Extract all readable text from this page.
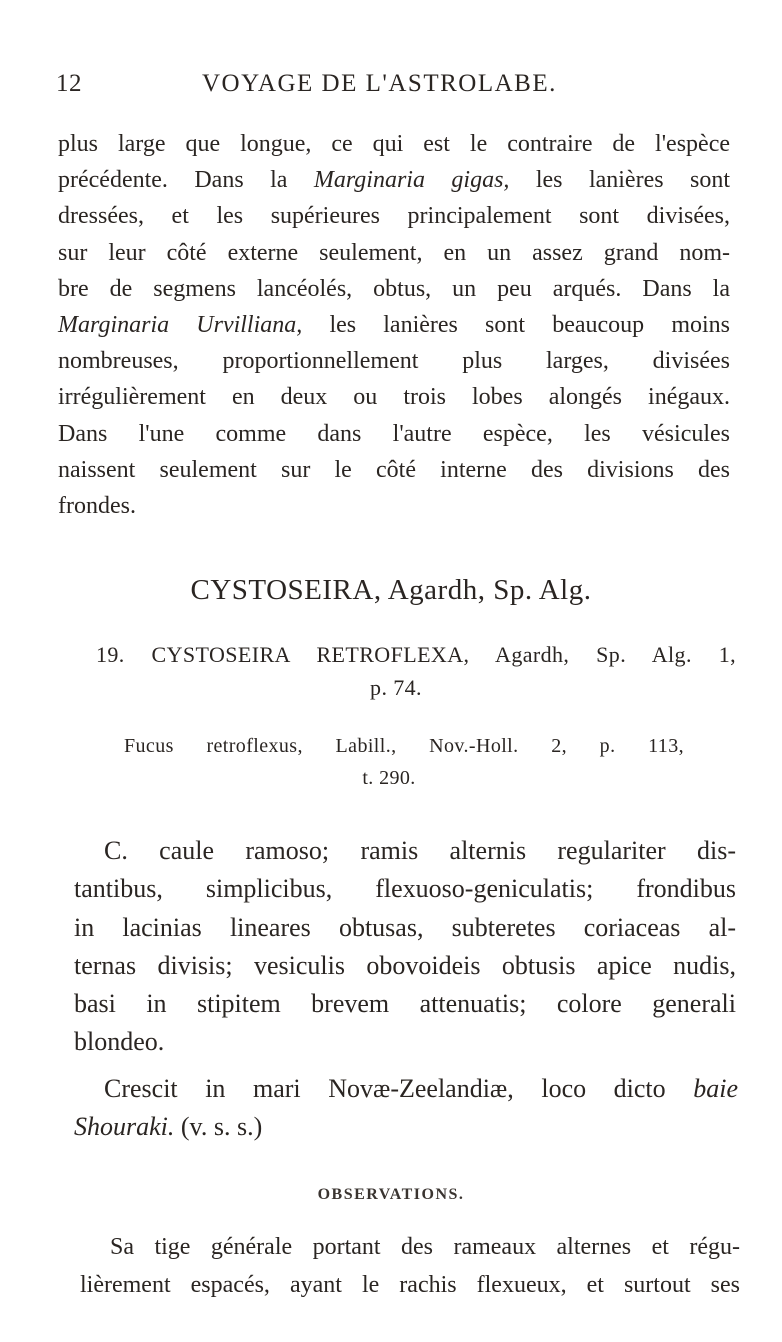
12	VOYAGE DE L'ASTROLABE.
plus large que longue, ce qui est le contraire de l'espèce
précédente. Dans la Marginaria gigas, les lanières sont
dressées, et les supérieures principalement sont divisées,
sur leur côté externe seulement, en un assez grand nom-
bre de segmens lancéolés, obtus, un peu arqués. Dans la
Marginaria Urvilliana, les lanières sont beaucoup moins
nombreuses, proportionnellement plus larges, divisées
irrégulièrement en deux ou trois lobes alongés inégaux.
Dans l'une comme dans l'autre espèce, les vésicules
naissent seulement sur le côté interne des divisions des
frondes.
CYSTOSEIRA, Agardh, Sp. Alg.
19. CYSTOSEIRA RETROFLEXA, Agardh, Sp. Alg. 1,
p. 74.
Fucus retroflexus, Labill., Nov.-Holl. 2, p. 113,
t. 290.
C. caule ramoso; ramis alternis regulariter dis-
tantibus, simplicibus, flexuoso-geniculatis; frondibus
in lacinias lineares obtusas, subteretes coriaceas al-
ternas divisis; vesiculis obovoideis obtusis apice nudis,
basi in stipitem brevem attenuatis; colore generali
blondeo.
Crescit in mari Novæ-Zeelandiæ, loco dicto baie
Shouraki. (v. s. s.)
OBSERVATIONS.
Sa tige générale portant des rameaux alternes et régu-
lièrement espacés, ayant le rachis flexueux, et surtout ses
